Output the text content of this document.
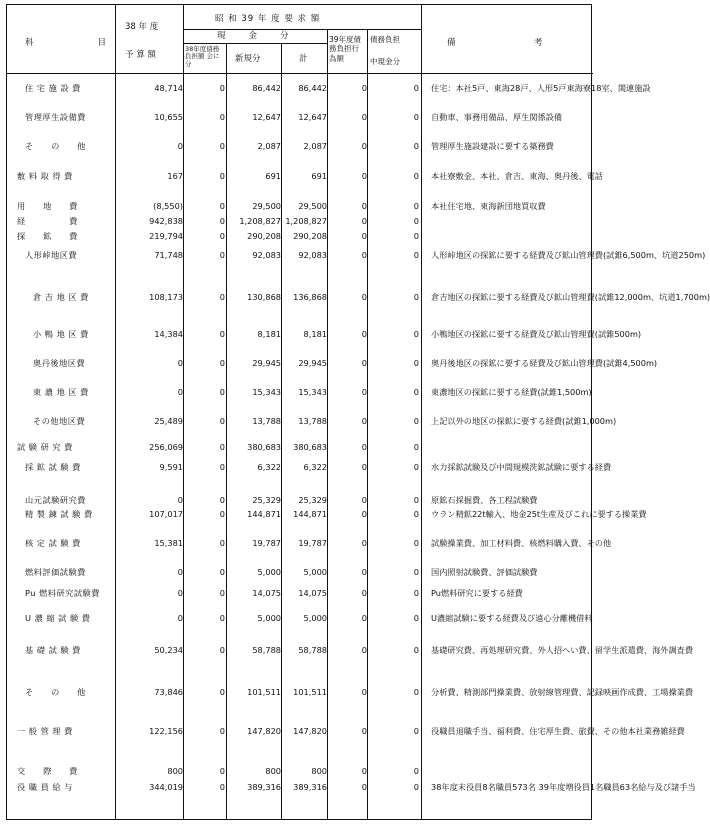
科　　　　目
38 年 度
予 算 額
昭 和 39 年 度 要 求 額
現　　金　　分
38年度債務負担額 会に分	新規分	計
39年度債務負担行為額
債務負担
中現金分
備　　　　　考
住 宅 施 設 費	48,714	0	86,442	86,442	0	0 住宅：本社5戸、東海28戸、人形5戸東海寮18室、関連施設
管理厚生設備費	10,655	0	12,647	12,647	0	0 自動車、事務用備品、厚生関係設備
そ　　の　　他	0	0	2,087	2,087	0	0 管理厚生施設建設に要する築務費
敷 料 取 得 費	167	0	691	691	0	0 本社寮敷金、本社、倉吉、東海、奥丹後、電話
用　　地　　費	(8,550)	0	29,500	29,500	0	0 本社住宅地、東海新団地買収費
経　　　　　費	942,838	0	1,208,827 1,208,827	0	0
探　　鉱　　費	219,794	0	290,208	290,208	0	0
人形峠地区費	71,748	0	92,083	92,083	0	0 人形峠地区の探鉱に要する経費及び鉱山管理費(試錐6,500m、坑道250m)
倉 吉 地 区 費	108,173	0	130,868	136,868	0	0 倉吉地区の探鉱に要する経費及び鉱山管理費(試錐12,000m、坑道1,700m)
小 鴨 地 区 費	14,384	0	8,181	8,181	0	0 小鴨地区の探鉱に要する経費及び鉱山管理費(試錐500m)
奥丹後地区費	0	0	29,945	29,945	0	0 奥丹後地区の探鉱に要する経費及び鉱山管理費(試錐4,500m)
東 濃 地 区 費	0	0	15,343	15,343	0	0 東濃地区の探鉱に要する経費(試錐1,500m)
その他地区費	25,489	0	13,788	13,788	0	0 上記以外の地区の探鉱に要する経費(試錐1,000m)
試 験 研 究 費	256,069	0	380,683	380,683	0	0
採 鉱 試 験 費	9,591	0	6,322	6,322	0	0 水力採鉱試験及び中間規模洗鉱試験に要する経費
山元試験研究費	0	0	25,329	25,329	0	0 原鉱石採掘費、各工程試験費
精 製 錬 試 験 費	107,017	0	144,871	144,871	0	0 ウラン精鉱22t輸入、地金25t生産及びこれに要する操業費
核 定 試 験 費	15,381	0	19,787	19,787	0	0 試験操業費、加工材料費、核燃料購入費、その他
燃料評価試験費	0	0	5,000	5,000	0	0 国内照射試験費、評価試験費
Pu 燃料研究試験費	0	0	14,075	14,075	0	0 Pu燃料研究に要する経費
U 濃 縮 試 験 費	0	0	5,000	5,000	0	0 U濃縮試験に要する経費及び遠心分離機借料
基 礎 試 験 費	50,234	0	58,788	58,788	0	0 基礎研究費、再処理研究費、外人招へい費、留学生派遣費、海外調査費
そ　　の　　他	73,846	0	101,511	101,511	0	0 分析費、精測部門操業費、放射線管理費、記録映画作成費、工場操業費
一 般 管 理 費	122,156	0	147,820	147,820	0	0 役職員退職手当、福利費、住宅厚生費、旅費、その他本社業務雑経費
交　　際　　費	800	0	800	800	0	0
役 職 員 給 与	344,019	0	389,316	389,316	0	0 38年度末役員8名職員573名 39年度増役員1名職員63名給与及び諸手当
